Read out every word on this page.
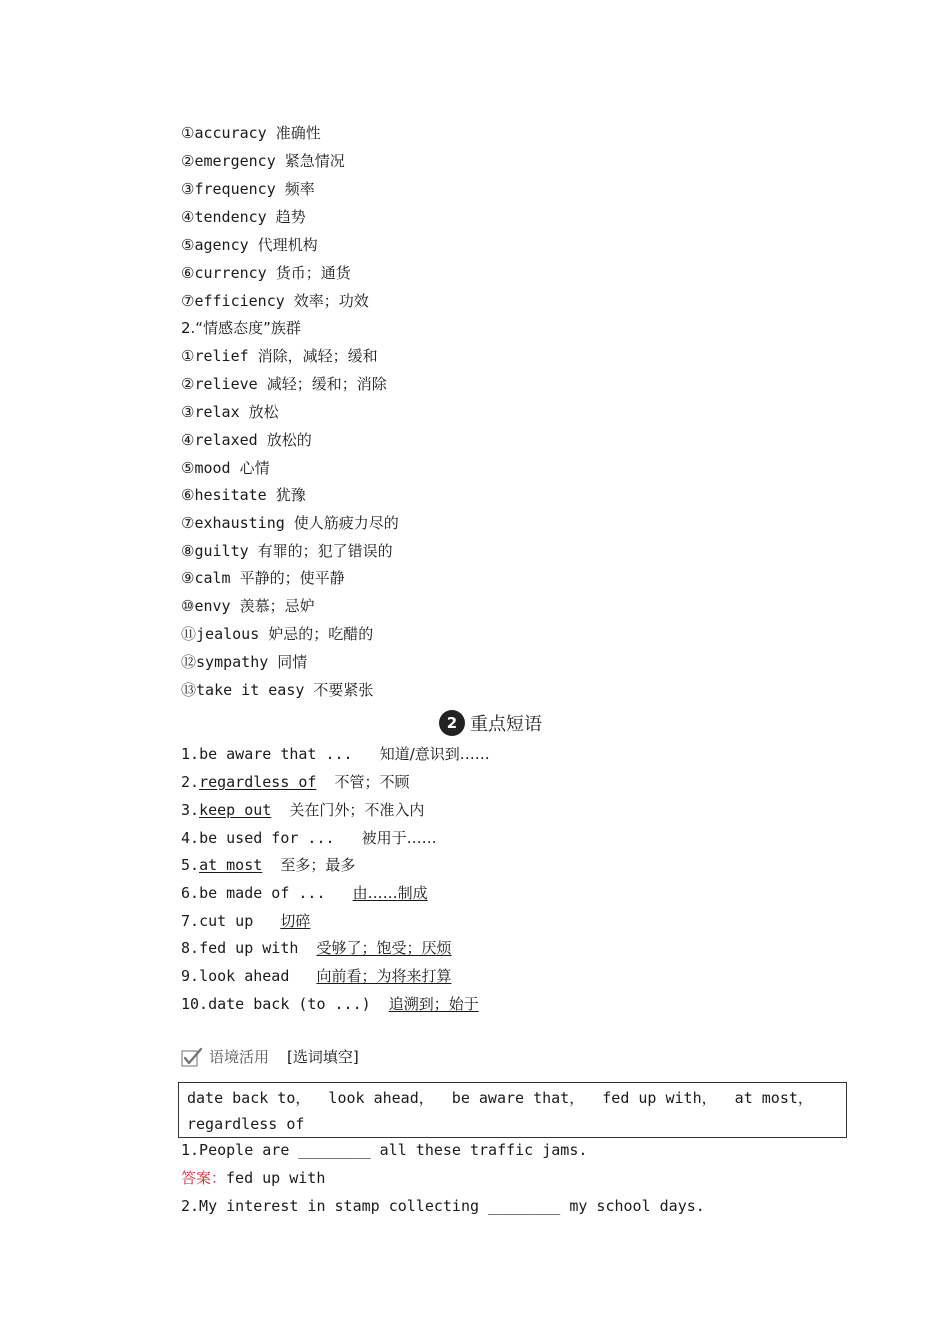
①accuracy 准确性
②emergency 紧急情况
③frequency 频率
④tendency 趋势
⑤agency 代理机构
⑥currency 货币；通货
⑦efficiency 效率；功效
2.“情感态度”族群
①relief 消除，减轻；缓和
②relieve 减轻；缓和；消除
③relax 放松
④relaxed 放松的
⑤mood 心情
⑥hesitate 犹豫
⑦exhausting 使人筋疲力尽的
⑧guilty 有罪的；犯了错误的
⑨calm 平静的；使平静
⑩envy 羡慕；忌妒
⑪jealous 妒忌的；吃醋的
⑫sympathy 同情
⑬take it easy 不要紧张
2 重点短语
1.be aware that ... 知道/意识到……
2.regardless of 不管；不顾
3.keep out 关在门外；不准入内
4.be used for ... 被用于……
5.at most 至多；最多
6.be made of ... 由……制成
7.cut up 切碎
8.fed up with 受够了；饱受；厌烦
9.look ahead 向前看；为将来打算
10.date back (to ...) 追溯到；始于
语境活用 [选词填空]
date back to，  look ahead，  be aware that，  fed up with，  at most，
regardless of
1.People are ________ all these traffic jams.
答案：fed up with
2.My interest in stamp collecting ________ my school days.
